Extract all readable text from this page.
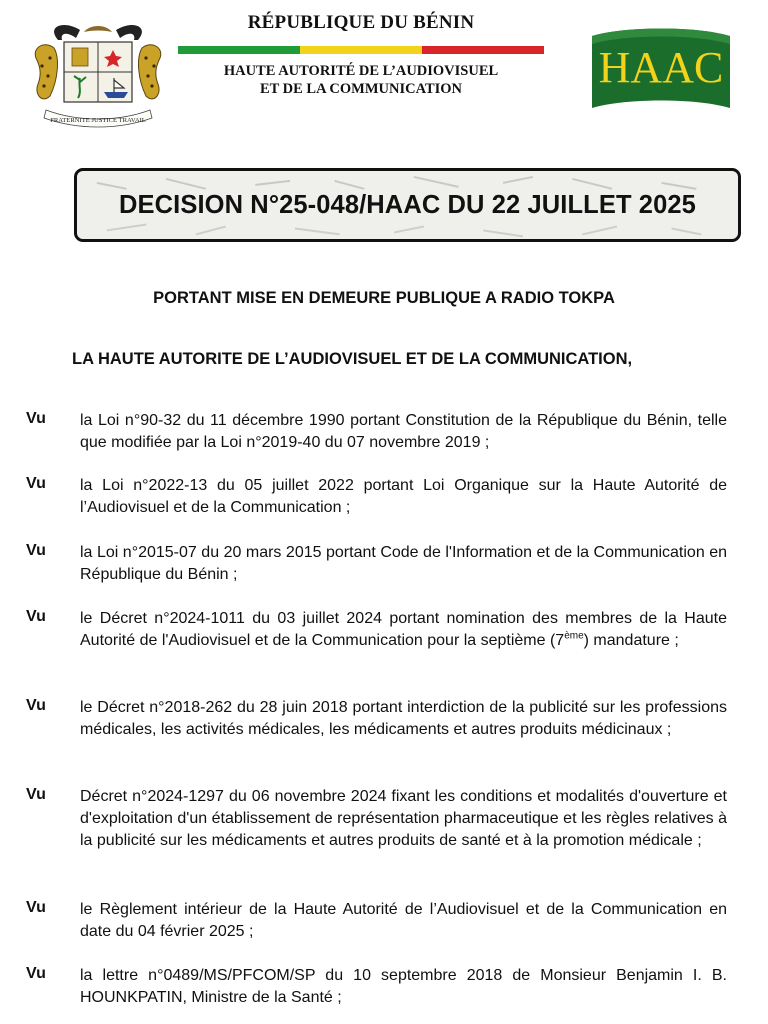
FRATERNITE JUSTICE TRAVAIL
RÉPUBLIQUE DU BÉNIN
HAUTE AUTORITÉ DE L’AUDIOVISUEL
ET DE LA COMMUNICATION	HAAC
DECISION N°25-048/HAAC DU 22 JUILLET 2025
PORTANT MISE EN DEMEURE PUBLIQUE A RADIO TOKPA
LA HAUTE AUTORITE DE L’AUDIOVISUEL ET DE LA COMMUNICATION,
Vu la Loi n°90-32 du 11 décembre 1990 portant Constitution de la République du Bénin, telle que modifiée par la Loi n°2019-40 du 07 novembre 2019 ;
Vu la Loi n°2022-13 du 05 juillet 2022 portant Loi Organique sur la Haute Autorité de l’Audiovisuel et de la Communication ;
Vu la Loi n°2015-07 du 20 mars 2015 portant Code de l'Information et de la Communication en République du Bénin ;
Vu le Décret n°2024-1011 du 03 juillet 2024 portant nomination des membres de la Haute Autorité de l'Audiovisuel et de la Communication pour la septième (7ème) mandature ;
Vu le Décret n°2018-262 du 28 juin 2018 portant interdiction de la publicité sur les professions médicales, les activités médicales, les médicaments et autres produits médicinaux ;
Vu Décret n°2024-1297 du 06 novembre 2024 fixant les conditions et modalités d'ouverture et d'exploitation d'un établissement de représentation pharmaceutique et les règles relatives à la publicité sur les médicaments et autres produits de santé et à la promotion médicale ;
Vu le Règlement intérieur de la Haute Autorité de l’Audiovisuel et de la Communication en date du 04 février 2025 ;
Vu la lettre n°0489/MS/PFCOM/SP du 10 septembre 2018 de Monsieur Benjamin I. B. HOUNKPATIN, Ministre de la Santé ;
